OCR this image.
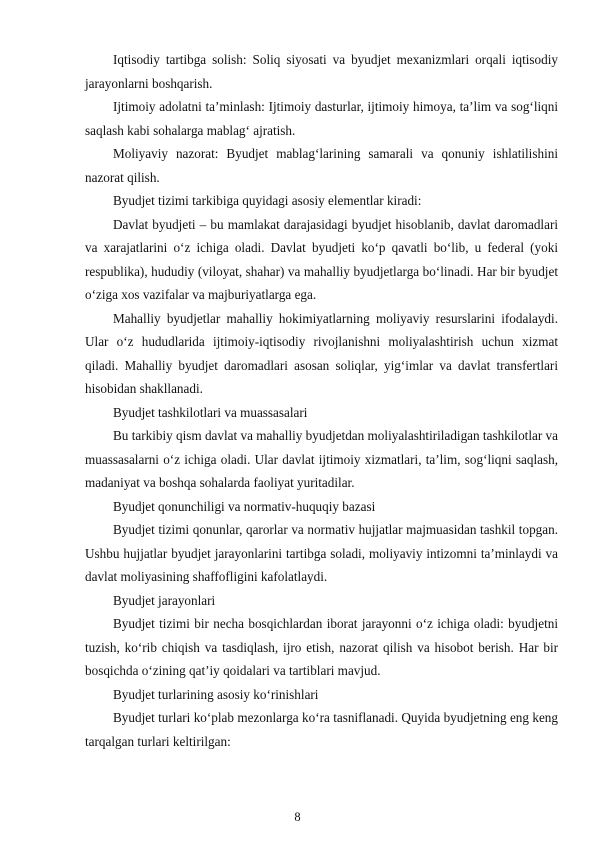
Iqtisodiy tartibga solish: Soliq siyosati va byudjet mexanizmlari orqali iqtisodiy jarayonlarni boshqarish.

Ijtimoiy adolatni ta’minlash: Ijtimoiy dasturlar, ijtimoiy himoya, ta’lim va sog‘liqni saqlash kabi sohalarga mablag‘ ajratish.

Moliyaviy nazorat: Byudjet mablag‘larining samarali va qonuniy ishlatilishini nazorat qilish.

Byudjet tizimi tarkibiga quyidagi asosiy elementlar kiradi:

Davlat byudjeti – bu mamlakat darajasidagi byudjet hisoblanib, davlat daromadlari va xarajatlarini o‘z ichiga oladi. Davlat byudjeti ko‘p qavatli bo‘lib, u federal (yoki respublika), hududiy (viloyat, shahar) va mahalliy byudjetlarga bo‘linadi. Har bir byudjet o‘ziga xos vazifalar va majburiyatlarga ega.

Mahalliy byudjetlar mahalliy hokimiyatlarning moliyaviy resurslarini ifodalaydi. Ular o‘z hududlarida ijtimoiy-iqtisodiy rivojlanishni moliyalashtirish uchun xizmat qiladi. Mahalliy byudjet daromadlari asosan soliqlar, yig‘imlar va davlat transfertlari hisobidan shakllanadi.

Byudjet tashkilotlari va muassasalari

Bu tarkibiy qism davlat va mahalliy byudjetdan moliyalashtiriladigan tashkilotlar va muassasalarni o‘z ichiga oladi. Ular davlat ijtimoiy xizmatlari, ta’lim, sog‘liqni saqlash, madaniyat va boshqa sohalarda faoliyat yuritadilar.

Byudjet qonunchiligi va normativ-huquqiy bazasi

Byudjet tizimi qonunlar, qarorlar va normativ hujjatlar majmuasidan tashkil topgan. Ushbu hujjatlar byudjet jarayonlarini tartibga soladi, moliyaviy intizomni ta’minlaydi va davlat moliyasining shaffofligini kafolatlaydi.

Byudjet jarayonlari

Byudjet tizimi bir necha bosqichlardan iborat jarayonni o‘z ichiga oladi: byudjetni tuzish, ko‘rib chiqish va tasdiqlash, ijro etish, nazorat qilish va hisobot berish. Har bir bosqichda o‘zining qat’iy qoidalari va tartiblari mavjud.

Byudjet turlarining asosiy ko‘rinishlari

Byudjet turlari ko‘plab mezonlarga ko‘ra tasniflanadi. Quyida byudjetning eng keng tarqalgan turlari keltirilgan:

8
